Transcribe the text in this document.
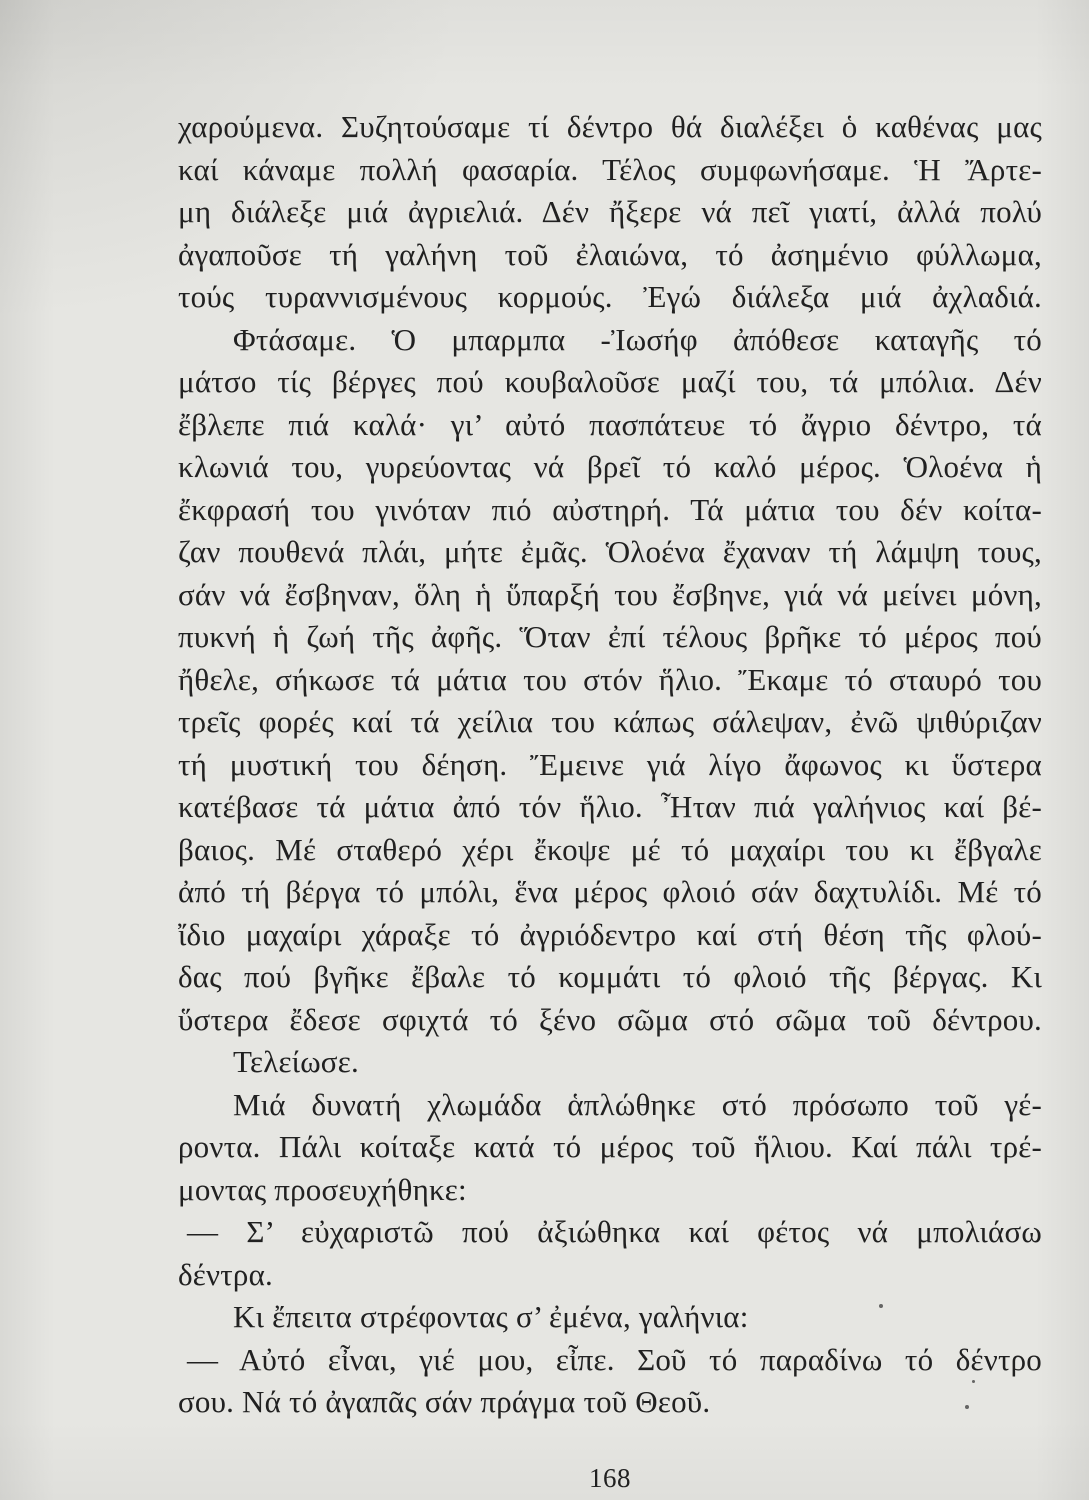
χαρούμενα. Συζητούσαμε τί δέντρο θά διαλέξει ὁ καθένας μας
καί κάναμε πολλή φασαρία. Τέλος συμφωνήσαμε. Ἡ Ἄρτε-
μη διάλεξε μιά ἀγριελιά. Δέν ἤξερε νά πεῖ γιατί, ἀλλά πολύ
ἀγαποῦσε τή γαλήνη τοῦ ἐλαιώνα, τό ἀσημένιο φύλλωμα,
τούς τυραννισμένους κορμούς. Ἐγώ διάλεξα μιά ἀχλαδιά.
Φτάσαμε. Ὁ μπαρμπα -Ἰωσήφ ἀπόθεσε καταγῆς τό
μάτσο τίς βέργες πού κουβαλοῦσε μαζί του, τά μπόλια. Δέν
ἔβλεπε πιά καλά· γι’ αὐτό πασπάτευε τό ἄγριο δέντρο, τά
κλωνιά του, γυρεύοντας νά βρεῖ τό καλό μέρος. Ὁλοένα ἡ
ἔκφρασή του γινόταν πιό αὐστηρή. Τά μάτια του δέν κοίτα-
ζαν πουθενά πλάι, μήτε ἐμᾶς. Ὁλοένα ἔχαναν τή λάμψη τους,
σάν νά ἔσβηναν, ὅλη ἡ ὕπαρξή του ἔσβηνε, γιά νά μείνει μόνη,
πυκνή ἡ ζωή τῆς ἀφῆς. Ὅταν ἐπί τέλους βρῆκε τό μέρος πού
ἤθελε, σήκωσε τά μάτια του στόν ἥλιο. Ἔκαμε τό σταυρό του
τρεῖς φορές καί τά χείλια του κάπως σάλεψαν, ἐνῶ ψιθύριζαν
τή μυστική του δέηση. Ἔμεινε γιά λίγο ἄφωνος κι ὕστερα
κατέβασε τά μάτια ἀπό τόν ἥλιο. Ἦταν πιά γαλήνιος καί βέ-
βαιος. Μέ σταθερό χέρι ἔκοψε μέ τό μαχαίρι του κι ἔβγαλε
ἀπό τή βέργα τό μπόλι, ἕνα μέρος φλοιό σάν δαχτυλίδι. Μέ τό
ἴδιο μαχαίρι χάραξε τό ἀγριόδεντρο καί στή θέση τῆς φλού-
δας πού βγῆκε ἔβαλε τό κομμάτι τό φλοιό τῆς βέργας. Κι
ὕστερα ἔδεσε σφιχτά τό ξένο σῶμα στό σῶμα τοῦ δέντρου.
Τελείωσε.
Μιά δυνατή χλωμάδα ἁπλώθηκε στό πρόσωπο τοῦ γέ-
ροντα. Πάλι κοίταξε κατά τό μέρος τοῦ ἥλιου. Καί πάλι τρέ-
μοντας προσευχήθηκε:
— Σ’ εὐχαριστῶ πού ἀξιώθηκα καί φέτος νά μπολιάσω
δέντρα.
Κι ἔπειτα στρέφοντας σ’ ἐμένα, γαλήνια:
— Αὐτό εἶναι, γιέ μου, εἶπε. Σοῦ τό παραδίνω τό δέντρο
σου. Νά τό ἀγαπᾶς σάν πράγμα τοῦ Θεοῦ.
168
